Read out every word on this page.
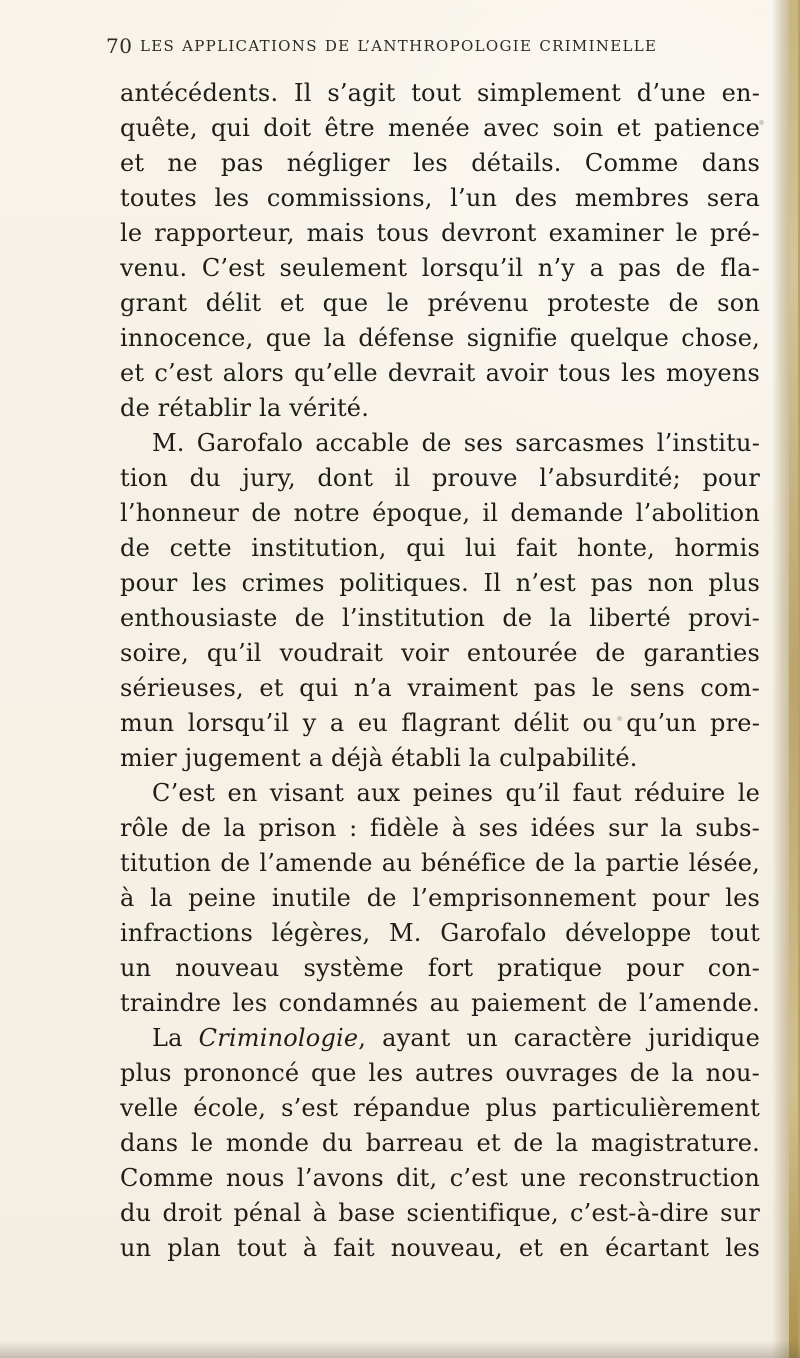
70 LES APPLICATIONS DE L’ANTHROPOLOGIE CRIMINELLE
antécédents. Il s’agit tout simplement d’une en-
quête, qui doit être menée avec soin et patience
et ne pas négliger les détails. Comme dans
toutes les commissions, l’un des membres sera
le rapporteur, mais tous devront examiner le pré-
venu. C’est seulement lorsqu’il n’y a pas de fla-
grant délit et que le prévenu proteste de son
innocence, que la défense signifie quelque chose,
et c’est alors qu’elle devrait avoir tous les moyens
de rétablir la vérité.
M. Garofalo accable de ses sarcasmes l’institu-
tion du jury, dont il prouve l’absurdité; pour
l’honneur de notre époque, il demande l’abolition
de cette institution, qui lui fait honte, hormis
pour les crimes politiques. Il n’est pas non plus
enthousiaste de l’institution de la liberté provi-
soire, qu’il voudrait voir entourée de garanties
sérieuses, et qui n’a vraiment pas le sens com-
mun lorsqu’il y a eu flagrant délit ou qu’un pre-
mier jugement a déjà établi la culpabilité.
C’est en visant aux peines qu’il faut réduire le
rôle de la prison : fidèle à ses idées sur la subs-
titution de l’amende au bénéfice de la partie lésée,
à la peine inutile de l’emprisonnement pour les
infractions légères, M. Garofalo développe tout
un nouveau système fort pratique pour con-
traindre les condamnés au paiement de l’amende.
La Criminologie, ayant un caractère juridique
plus prononcé que les autres ouvrages de la nou-
velle école, s’est répandue plus particulièrement
dans le monde du barreau et de la magistrature.
Comme nous l’avons dit, c’est une reconstruction
du droit pénal à base scientifique, c’est-à-dire sur
un plan tout à fait nouveau, et en écartant les
